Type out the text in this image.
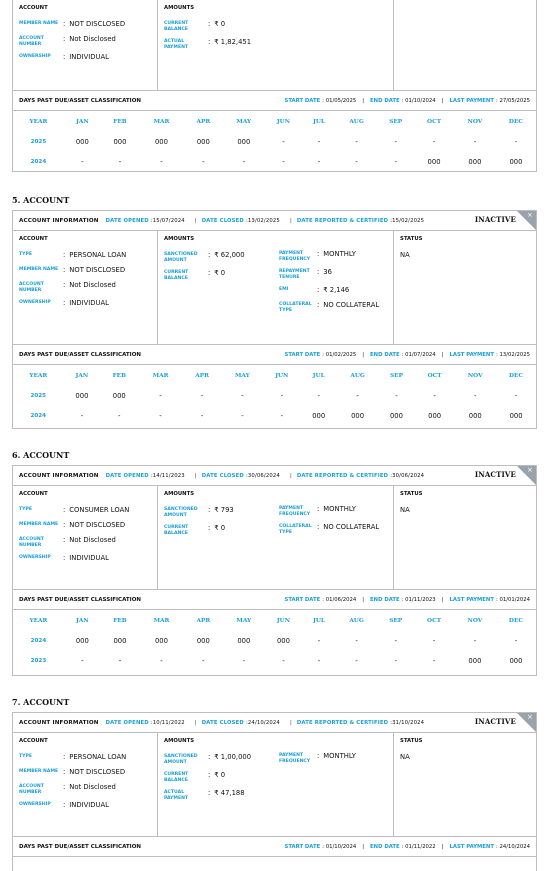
ACCOUNT
MEMBER NAME : NOT DISCLOSED
ACCOUNT NUMBER
: Not Disclosed
OWNERSHIP	: INDIVIDUAL
AMOUNTS
CURRENT BALANCE
: ₹ 0
ACTUAL PAYMENT
: ₹ 1,82,451
DAYS PAST DUE/ASSET CLASSIFICATION	START DATE :
01/05/2025 | END DATE :
01/10/2024 | LAST PAYMENT :
27/05/2025
YEAR	JAN	FEB	MAR	APR	MAY	JUN	JUL	AUG	SEP	OCT	NOV	DEC
2025	000	000	000	000	000	-	-	-	-	-	-	-
2024	-	-	-	-	-	-	-	-	-	000	000	000
5. ACCOUNT
ACCOUNT INFORMATION DATE OPENED : 15/07/2024 | DATE CLOSED : 13/02/2025 | DATE REPORTED & CERTIFIED : 15/02/2025	INACTIVE ×
ACCOUNT
TYPE	: PERSONAL LOAN
MEMBER NAME : NOT DISCLOSED
ACCOUNT NUMBER
: Not Disclosed
OWNERSHIP	: INDIVIDUAL
AMOUNTS
SANCTIONED AMOUNT
: ₹ 62,000
CURRENT BALANCE
: ₹ 0
PAYMENT FREQUENCY
: MONTHLY
REPAYMENT TENURE
: 36
EMI	: ₹ 2,146
COLLATERAL TYPE
: NO COLLATERAL
STATUS
NA
DAYS PAST DUE/ASSET CLASSIFICATION	START DATE :
01/02/2025 | END DATE :
01/07/2024 | LAST PAYMENT :
13/02/2025
YEAR	JAN	FEB	MAR	APR	MAY	JUN	JUL	AUG	SEP	OCT	NOV	DEC
2025	000	000	-	-	-	-	-	-	-	-	-	-
2024	-	-	-	-	-	-	000	000	000	000	000	000
6. ACCOUNT
ACCOUNT INFORMATION DATE OPENED : 14/11/2023 | DATE CLOSED : 30/06/2024 | DATE REPORTED & CERTIFIED : 30/06/2024	INACTIVE ×
ACCOUNT
TYPE	: CONSUMER LOAN
MEMBER NAME : NOT DISCLOSED
ACCOUNT NUMBER
: Not Disclosed
OWNERSHIP	: INDIVIDUAL
AMOUNTS
SANCTIONED AMOUNT
: ₹ 793
CURRENT BALANCE
: ₹ 0
PAYMENT FREQUENCY
: MONTHLY
COLLATERAL TYPE
: NO COLLATERAL
STATUS
NA
DAYS PAST DUE/ASSET CLASSIFICATION	START DATE :
01/06/2024 | END DATE :
01/11/2023 | LAST PAYMENT :
01/01/2024
YEAR	JAN	FEB	MAR	APR	MAY	JUN	JUL	AUG	SEP	OCT	NOV	DEC
2024	000	000	000	000	000	000	-	-	-	-	-	-
2023	-	-	-	-	-	-	-	-	-	-	000	000
7. ACCOUNT
ACCOUNT INFORMATION DATE OPENED : 10/11/2022 | DATE CLOSED : 24/10/2024 | DATE REPORTED & CERTIFIED : 31/10/2024	INACTIVE ×
ACCOUNT
TYPE	: PERSONAL LOAN
MEMBER NAME : NOT DISCLOSED
ACCOUNT NUMBER
: Not Disclosed
OWNERSHIP	: INDIVIDUAL
AMOUNTS
SANCTIONED AMOUNT
: ₹ 1,00,000
CURRENT BALANCE
: ₹ 0
ACTUAL PAYMENT
: ₹ 47,188
PAYMENT FREQUENCY
: MONTHLY
STATUS
NA
DAYS PAST DUE/ASSET CLASSIFICATION	START DATE :
01/10/2024 | END DATE :
01/11/2022 | LAST PAYMENT :
24/10/2024
